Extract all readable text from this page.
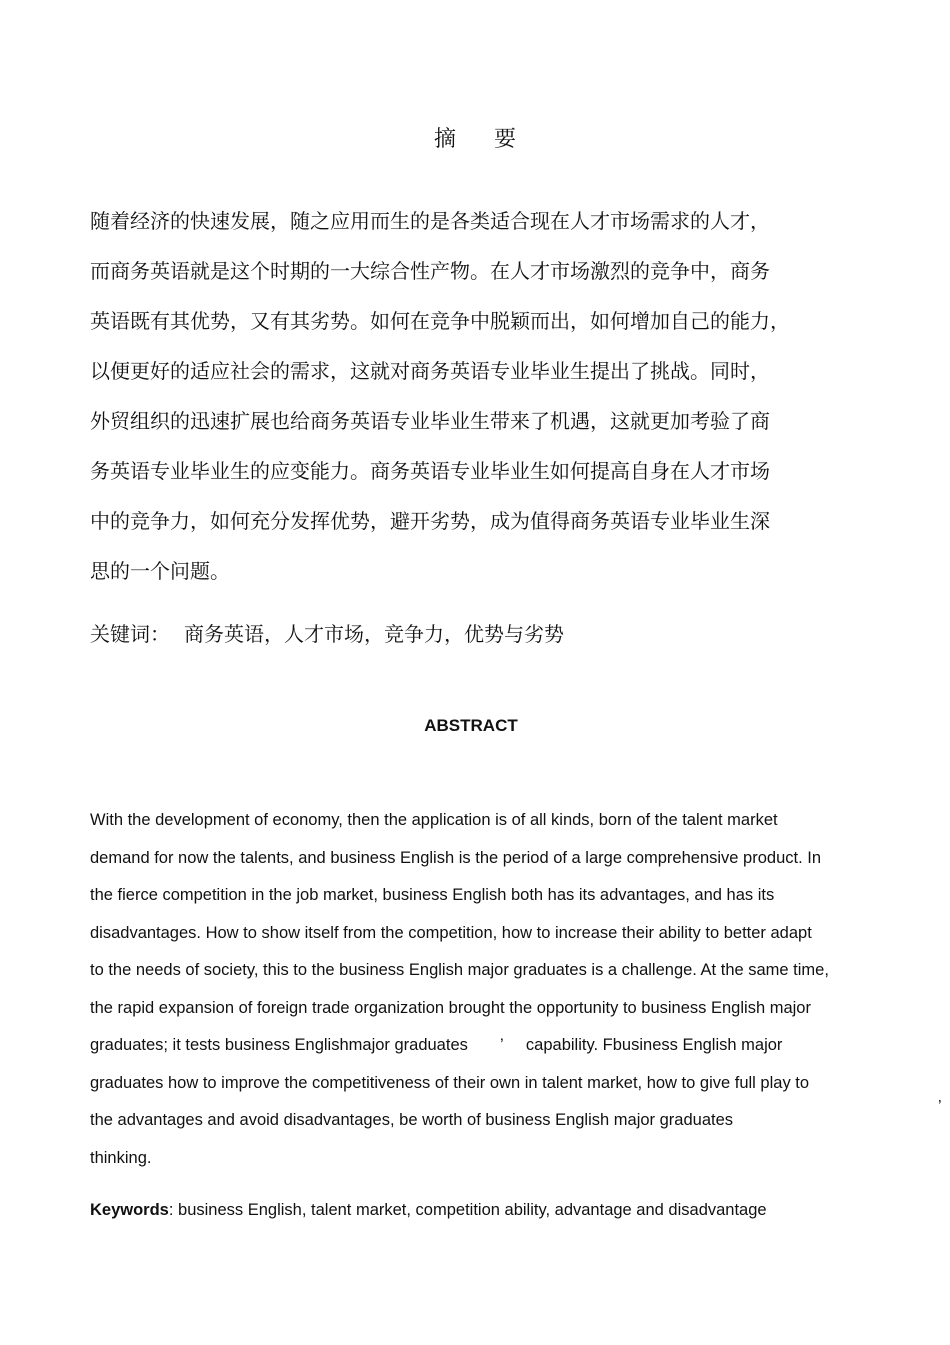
摘要

随着经济的快速发展，随之应用而生的是各类适合现在人才市场需求的人才，
而商务英语就是这个时期的一大综合性产物。在人才市场激烈的竞争中，商务
英语既有其优势，又有其劣势。如何在竞争中脱颖而出，如何增加自己的能力，
以便更好的适应社会的需求，这就对商务英语专业毕业生提出了挑战。同时，
外贸组织的迅速扩展也给商务英语专业毕业生带来了机遇，这就更加考验了商
务英语专业毕业生的应变能力。商务英语专业毕业生如何提高自身在人才市场
中的竞争力，如何充分发挥优势，避开劣势，成为值得商务英语专业毕业生深
思的一个问题。

关键词： 商务英语，人才市场，竞争力，优势与劣势

ABSTRACT

With the development of economy, then the application is of all kinds, born of the talent market
demand for now the talents, and business English is the period of a large comprehensive product. In
the fierce competition in the job market, business English both has its advantages, and has its
disadvantages. How to show itself from the competition, how to increase their ability to better adapt
to the needs of society, this to the business English major graduates is a challenge. At the same time,
the rapid expansion of foreign trade organization brought the opportunity to business English major
graduates; it tests business Englishmajor graduates       ’     capability. Fbusiness English major
graduates how to improve the competitiveness of their own in talent market, how to give full play to
the advantages and avoid disadvantages, be worth of business English major graduates
thinking.

’

Keywords: business English, talent market, competition ability, advantage and disadvantage
